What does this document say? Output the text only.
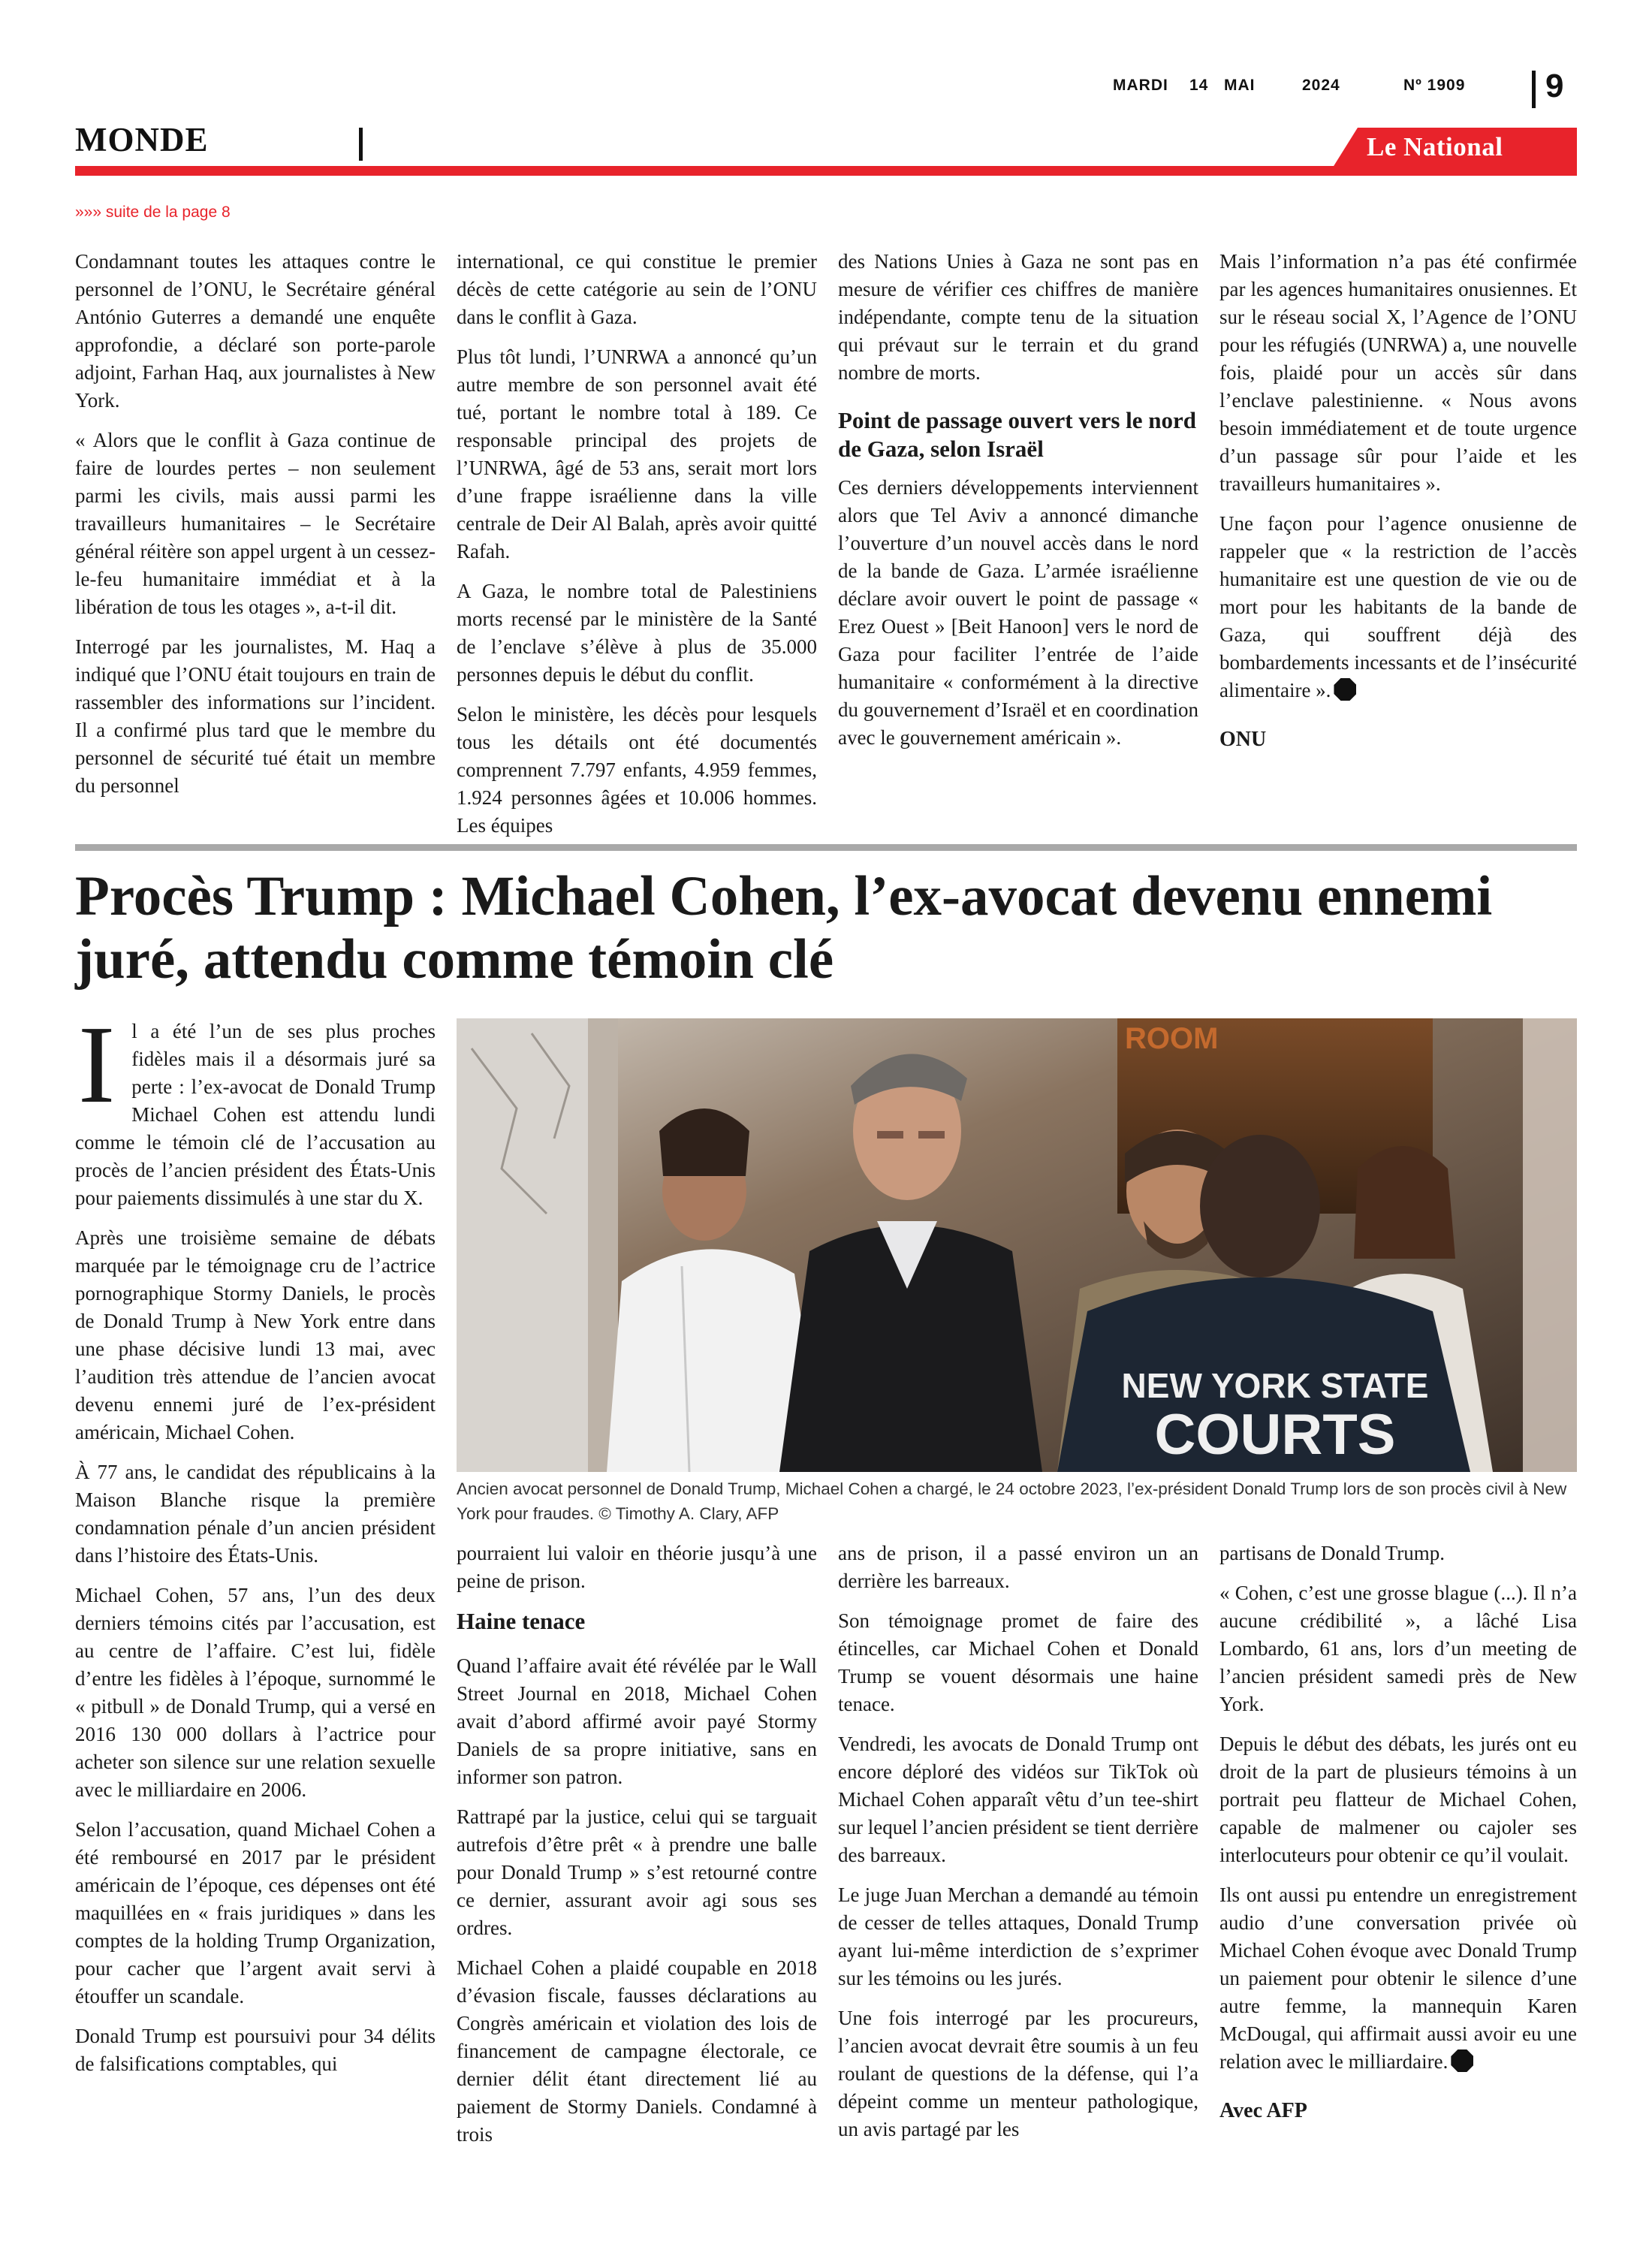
MARDI 14 MAI	2024	Nº 1909 9
MONDE	Le National
»»» suite de la page 8

Condamnant toutes les attaques contre le personnel de l’ONU, le Secrétaire général António Guterres a demandé une enquête approfondie, a déclaré son porte-parole adjoint, Farhan Haq, aux journalistes à New York.

« Alors que le conflit à Gaza continue de faire de lourdes pertes – non seulement parmi les civils, mais aussi parmi les travailleurs humanitaires – le Secrétaire général réitère son appel urgent à un cessez-le-feu humanitaire immédiat et à la libération de tous les otages », a-t-il dit.

Interrogé par les journalistes, M. Haq a indiqué que l’ONU était toujours en train de rassembler des informations sur l’incident. Il a confirmé plus tard que le membre du personnel de sécurité tué était un membre du personnel

international, ce qui constitue le premier décès de cette catégorie au sein de l’ONU dans le conflit à Gaza.

Plus tôt lundi, l’UNRWA a annoncé qu’un autre membre de son personnel avait été tué, portant le nombre total à 189. Ce responsable principal des projets de l’UNRWA, âgé de 53 ans, serait mort lors d’une frappe israélienne dans la ville centrale de Deir Al Balah, après avoir quitté Rafah.

A Gaza, le nombre total de Palestiniens morts recensé par le ministère de la Santé de l’enclave s’élève à plus de 35.000 personnes depuis le début du conflit.

Selon le ministère, les décès pour lesquels tous les détails ont été documentés comprennent 7.797 enfants, 4.959 femmes, 1.924 personnes âgées et 10.006 hommes. Les équipes

des Nations Unies à Gaza ne sont pas en mesure de vérifier ces chiffres de manière indépendante, compte tenu de la situation qui prévaut sur le terrain et du grand nombre de morts.

Point de passage ouvert vers le nord de Gaza, selon Israël

Ces derniers développements interviennent alors que Tel Aviv a annoncé dimanche l’ouverture d’un nouvel accès dans le nord de la bande de Gaza. L’armée israélienne déclare avoir ouvert le point de passage « Erez Ouest » [Beit Hanoon] vers le nord de Gaza pour faciliter l’entrée de l’aide humanitaire « conformément à la directive du gouvernement d’Israël et en coordination avec le gouvernement américain ».

Mais l’information n’a pas été confirmée par les agences humanitaires onusiennes. Et sur le réseau social X, l’Agence de l’ONU pour les réfugiés (UNRWA) a, une nouvelle fois, plaidé pour un accès sûr dans l’enclave palestinienne. « Nous avons besoin immédiatement et de toute urgence d’un passage sûr pour l’aide et les travailleurs humanitaires ».

Une façon pour l’agence onusienne de rappeler que « la restriction de l’accès humanitaire est une question de vie ou de mort pour les habitants de la bande de Gaza, qui souffrent déjà des bombardements incessants et de l’insécurité alimentaire ».

ONU
Procès Trump : Michael Cohen, l’ex-avocat devenu ennemi juré, attendu comme témoin clé
ROOM
NEW YORK STATE
COURTS
Ancien avocat personnel de Donald Trump, Michael Cohen a chargé, le 24 octobre 2023, l’ex-président Donald Trump lors de son procès civil à New York pour fraudes. © Timothy A. Clary, AFP

Il a été l’un de ses plus proches fidèles mais il a désormais juré sa perte : l’ex-avocat de Donald Trump Michael Cohen est attendu lundi comme le témoin clé de l’accusation au procès de l’ancien président des États-Unis pour paiements dissimulés à une star du X.

Après une troisième semaine de débats marquée par le témoignage cru de l’actrice pornographique Stormy Daniels, le procès de Donald Trump à New York entre dans une phase décisive lundi 13 mai, avec l’audition très attendue de l’ancien avocat devenu ennemi juré de l’ex-président américain, Michael Cohen.

À 77 ans, le candidat des républicains à la Maison Blanche risque la première condamnation pénale d’un ancien président dans l’histoire des États-Unis.

Michael Cohen, 57 ans, l’un des deux derniers témoins cités par l’accusation, est au centre de l’affaire. C’est lui, fidèle d’entre les fidèles à l’époque, surnommé le « pitbull » de Donald Trump, qui a versé en 2016 130 000 dollars à l’actrice pour acheter son silence sur une relation sexuelle avec le milliardaire en 2006.

Selon l’accusation, quand Michael Cohen a été remboursé en 2017 par le président américain de l’époque, ces dépenses ont été maquillées en « frais juridiques » dans les comptes de la holding Trump Organization, pour cacher que l’argent avait servi à étouffer un scandale.

Donald Trump est poursuivi pour 34 délits de falsifications comptables, qui

pourraient lui valoir en théorie jusqu’à une peine de prison.

Haine tenace

Quand l’affaire avait été révélée par le Wall Street Journal en 2018, Michael Cohen avait d’abord affirmé avoir payé Stormy Daniels de sa propre initiative, sans en informer son patron.

Rattrapé par la justice, celui qui se targuait autrefois d’être prêt « à prendre une balle pour Donald Trump » s’est retourné contre ce dernier, assurant avoir agi sous ses ordres.

Michael Cohen a plaidé coupable en 2018 d’évasion fiscale, fausses déclarations au Congrès américain et violation des lois de financement de campagne électorale, ce dernier délit étant directement lié au paiement de Stormy Daniels. Condamné à trois

ans de prison, il a passé environ un an derrière les barreaux.

Son témoignage promet de faire des étincelles, car Michael Cohen et Donald Trump se vouent désormais une haine tenace.

Vendredi, les avocats de Donald Trump ont encore déploré des vidéos sur TikTok où Michael Cohen apparaît vêtu d’un tee-shirt sur lequel l’ancien président se tient derrière des barreaux.

Le juge Juan Merchan a demandé au témoin de cesser de telles attaques, Donald Trump ayant lui-même interdiction de s’exprimer sur les témoins ou les jurés.

Une fois interrogé par les procureurs, l’ancien avocat devrait être soumis à un feu roulant de questions de la défense, qui l’a dépeint comme un menteur pathologique, un avis partagé par les

partisans de Donald Trump.

« Cohen, c’est une grosse blague (...). Il n’a aucune crédibilité », a lâché Lisa Lombardo, 61 ans, lors d’un meeting de l’ancien président samedi près de New York.

Depuis le début des débats, les jurés ont eu droit de la part de plusieurs témoins à un portrait peu flatteur de Michael Cohen, capable de malmener ou cajoler ses interlocuteurs pour obtenir ce qu’il voulait.

Ils ont aussi pu entendre un enregistrement audio d’une conversation privée où Michael Cohen évoque avec Donald Trump un paiement pour obtenir le silence d’une autre femme, la mannequin Karen McDougal, qui affirmait aussi avoir eu une relation avec le milliardaire.

Avec AFP
